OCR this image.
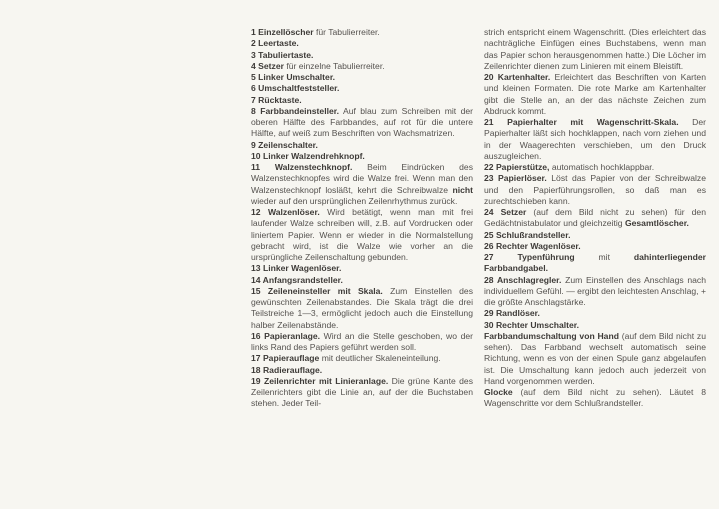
1 Einzellöscher für Tabulierreiter.

2 Leertaste.

3 Tabuliertaste.

4 Setzer für einzelne Tabulierreiter.

5 Linker Umschalter.

6 Umschaltfeststeller.

7 Rücktaste.

8 Farbbandeinsteller. Auf blau zum Schreiben mit der oberen Hälfte des Farbbandes, auf rot für die untere Hälfte, auf weiß zum Beschriften von Wachsmatrizen.

9 Zeilenschalter.

10 Linker Walzendrehknopf.

11 Walzenstechknopf. Beim Eindrücken des Walzenstechknopfes wird die Walze frei. Wenn man den Walzenstechknopf losläßt, kehrt die Schreibwalze nicht wieder auf den ursprünglichen Zeilenrhythmus zurück.

12 Walzenlöser. Wird betätigt, wenn man mit frei laufender Walze schreiben will, z.B. auf Vordrucken oder liniertem Papier. Wenn er wieder in die Normalstellung gebracht wird, ist die Walze wie vorher an die ursprüngliche Zeilenschaltung gebunden.

13 Linker Wagenlöser.

14 Anfangsrandsteller.

15 Zeileneinsteller mit Skala. Zum Einstellen des gewünschten Zeilenabstandes. Die Skala trägt die drei Teilstreiche 1—3, ermöglicht jedoch auch die Einstellung halber Zeilenabstände.

16 Papieranlage. Wird an die Stelle geschoben, wo der links Rand des Papiers geführt werden soll.

17 Papierauflage mit deutlicher Skaleneinteilung.

18 Radierauflage.

19 Zeilenrichter mit Linieranlage. Die grüne Kante des Zeilenrichters gibt die Linie an, auf der die Buchstaben stehen. Jeder Teil-

strich entspricht einem Wagenschritt. (Dies erleichtert das nachträgliche Einfügen eines Buchstabens, wenn man das Papier schon herausgenommen hatte.) Die Löcher im Zeilenrichter dienen zum Linieren mit einem Bleistift.

20 Kartenhalter. Erleichtert das Beschriften von Karten und kleinen Formaten. Die rote Marke am Kartenhalter gibt die Stelle an, an der das nächste Zeichen zum Abdruck kommt.

21 Papierhalter mit Wagenschritt-Skala. Der Papierhalter läßt sich hochklappen, nach vorn ziehen und in der Waagerechten verschieben, um den Druck auszugleichen.

22 Papierstütze, automatisch hochklappbar.

23 Papierlöser. Löst das Papier von der Schreibwalze und den Papierführungsrollen, so daß man es zurechtschieben kann.

24 Setzer (auf dem Bild nicht zu sehen) für den Gedächtnistabulator und gleichzeitig Gesamtlöscher.

25 Schlußrandsteller.

26 Rechter Wagenlöser.

27	Typenführung mit dahinterliegender Farbbandgabel.

28 Anschlagregler. Zum Einstellen des Anschlags nach individuellem Gefühl. — ergibt den leichtesten Anschlag, + die größte Anschlagstärke.

29 Randlöser.

30 Rechter Umschalter.

Farbbandumschaltung von Hand (auf dem Bild nicht zu sehen). Das Farbband wechselt automatisch seine Richtung, wenn es von der einen Spule ganz abgelaufen ist. Die Umschaltung kann jedoch auch jederzeit von Hand vorgenommen werden.

Glocke (auf dem Bild nicht zu sehen). Läutet 8 Wagenschritte vor dem Schlußrandsteller.
